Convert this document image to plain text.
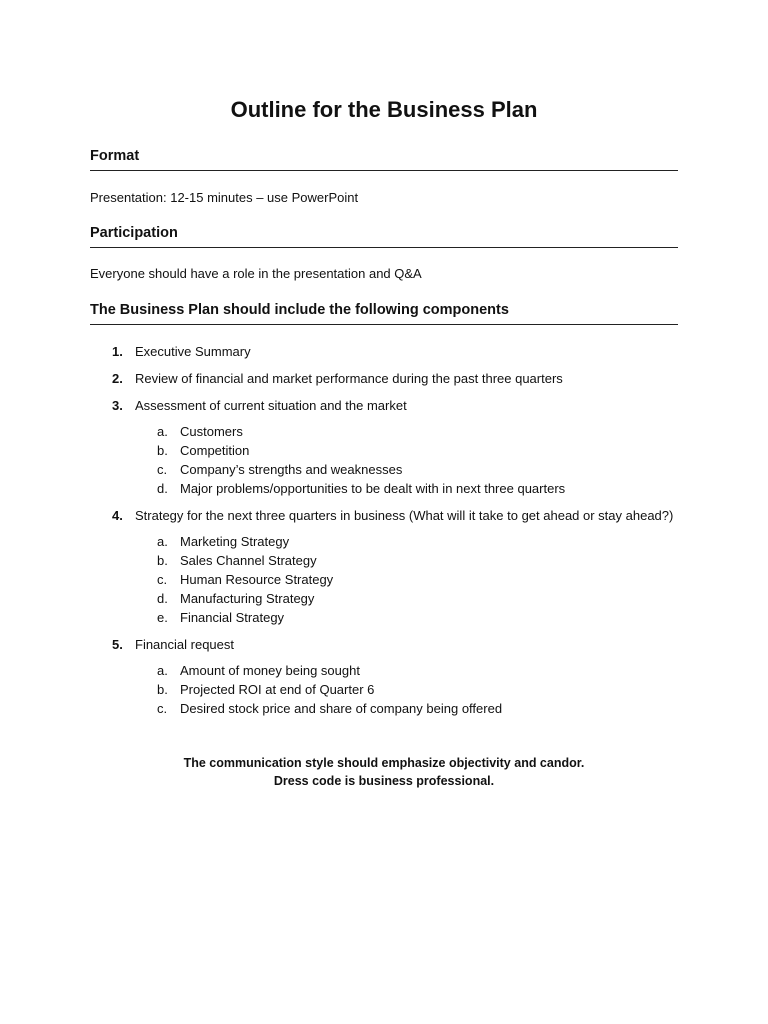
Outline for the Business Plan
Format

Presentation: 12-15 minutes – use PowerPoint

Participation

Everyone should have a role in the presentation and Q&A

The Business Plan should include the following components
1. Executive Summary
2. Review of financial and market performance during the past three quarters
3. Assessment of current situation and the market
a. Customers
b. Competition
c. Company’s strengths and weaknesses
d. Major problems/opportunities to be dealt with in next three quarters
4. Strategy for the next three quarters in business (What will it take to get ahead or stay ahead?)
a. Marketing Strategy
b. Sales Channel Strategy
c. Human Resource Strategy
d. Manufacturing Strategy
e. Financial Strategy
5. Financial request
a. Amount of money being sought
b. Projected ROI at end of Quarter 6
c. Desired stock price and share of company being offered

The communication style should emphasize objectivity and candor.
Dress code is business professional.
